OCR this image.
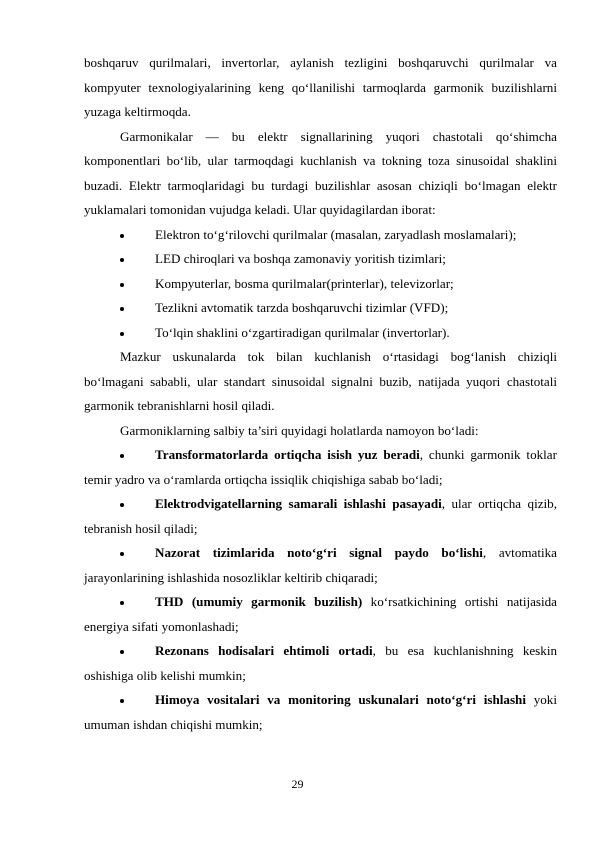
boshqaruv qurilmalari, invertorlar, aylanish tezligini boshqaruvchi qurilmalar va kompyuter texnologiyalarining keng qo‘llanilishi tarmoqlarda garmonik buzilishlarni yuzaga keltirmoqda.

Garmonikalar — bu elektr signallarining yuqori chastotali qo‘shimcha komponentlari bo‘lib, ular tarmoqdagi kuchlanish va tokning toza sinusoidal shaklini buzadi. Elektr tarmoqlaridagi bu turdagi buzilishlar asosan chiziqli bo‘lmagan elektr yuklamalari tomonidan vujudga keladi. Ular quyidagilardan iborat:

Elektron to‘g‘rilovchi qurilmalar (masalan, zaryadlash moslamalari);
LED chiroqlari va boshqa zamonaviy yoritish tizimlari;
Kompyuterlar, bosma qurilmalar(printerlar), televizorlar;
Tezlikni avtomatik tarzda boshqaruvchi tizimlar (VFD);
To‘lqin shaklini o‘zgartiradigan qurilmalar (invertorlar).

Mazkur uskunalarda tok bilan kuchlanish o‘rtasidagi bog‘lanish chiziqli bo‘lmagani sababli, ular standart sinusoidal signalni buzib, natijada yuqori chastotali garmonik tebranishlarni hosil qiladi.

Garmoniklarning salbiy ta’siri quyidagi holatlarda namoyon bo‘ladi:

Transformatorlarda ortiqcha isish yuz beradi, chunki garmonik toklar temir yadro va o‘ramlarda ortiqcha issiqlik chiqishiga sabab bo‘ladi;
Elektrodvigatellarning samarali ishlashi pasayadi, ular ortiqcha qizib, tebranish hosil qiladi;
Nazorat tizimlarida noto‘g‘ri signal paydo bo‘lishi, avtomatika jarayonlarining ishlashida nosozliklar keltirib chiqaradi;
THD (umumiy garmonik buzilish) ko‘rsatkichining ortishi natijasida energiya sifati yomonlashadi;
Rezonans hodisalari ehtimoli ortadi, bu esa kuchlanishning keskin oshishiga olib kelishi mumkin;
Himoya vositalari va monitoring uskunalari noto‘g‘ri ishlashi yoki umuman ishdan chiqishi mumkin;
29
